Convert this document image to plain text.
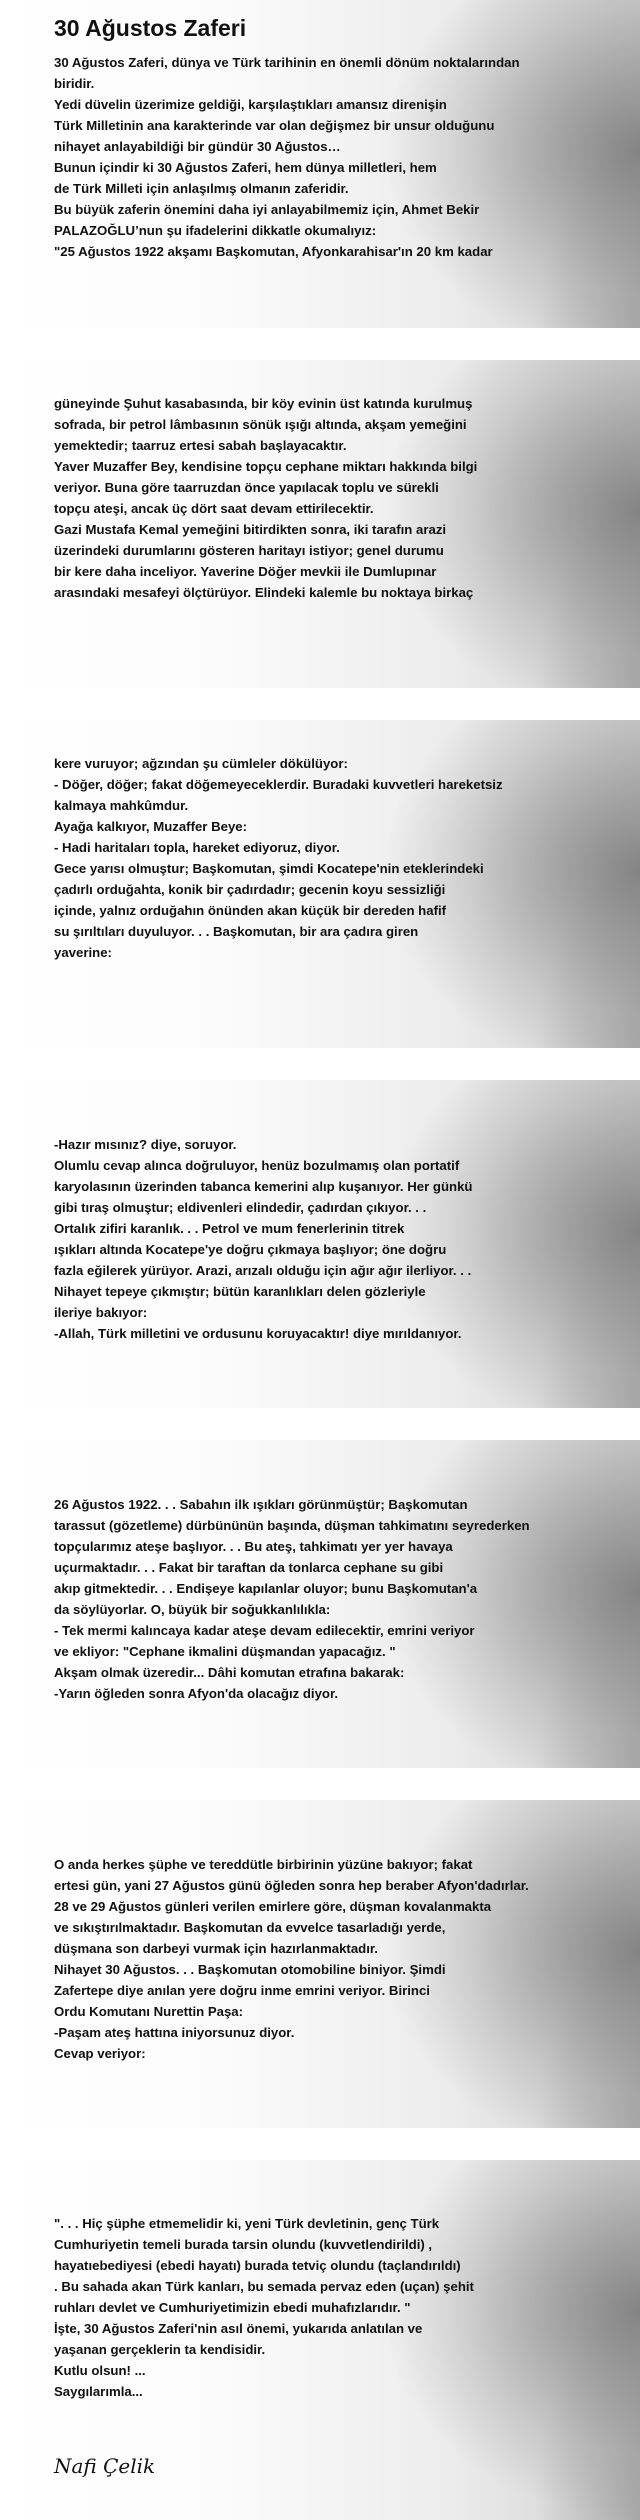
30 Ağustos Zaferi
30 Ağustos Zaferi, dünya ve Türk tarihinin en önemli dönüm noktalarından
biridir.
Yedi düvelin üzerimize geldiği, karşılaştıkları amansız direnişin
Türk Milletinin ana karakterinde var olan değişmez bir unsur olduğunu
nihayet anlayabildiği bir gündür 30 Ağustos…
Bunun içindir ki 30 Ağustos Zaferi, hem dünya milletleri, hem
de Türk Milleti için anlaşılmış olmanın zaferidir.
Bu büyük zaferin önemini daha iyi anlayabilmemiz için, Ahmet Bekir
PALAZOĞLU’nun şu ifadelerini dikkatle okumalıyız:
"25 Ağustos 1922 akşamı Başkomutan, Afyonkarahisar'ın 20 km kadar
güneyinde Şuhut kasabasında, bir köy evinin üst katında kurulmuş
sofrada, bir petrol lâmbasının sönük ışığı altında, akşam yemeğini
yemektedir; taarruz ertesi sabah başlayacaktır.
Yaver Muzaffer Bey, kendisine topçu cephane miktarı hakkında bilgi
veriyor. Buna göre taarruzdan önce yapılacak toplu ve sürekli
topçu ateşi, ancak üç dört saat devam ettirilecektir.
Gazi Mustafa Kemal yemeğini bitirdikten sonra, iki tarafın arazi
üzerindeki durumlarını gösteren haritayı istiyor; genel durumu
bir kere daha inceliyor. Yaverine Döğer mevkii ile Dumlupınar
arasındaki mesafeyi ölçtürüyor. Elindeki kalemle bu noktaya birkaç
kere vuruyor; ağzından şu cümleler dökülüyor:
- Döğer, döğer; fakat döğemeyeceklerdir. Buradaki kuvvetleri hareketsiz
kalmaya mahkûmdur.
Ayağa kalkıyor, Muzaffer Beye:
- Hadi haritaları topla, hareket ediyoruz, diyor.
Gece yarısı olmuştur; Başkomutan, şimdi Kocatepe'nin eteklerindeki
çadırlı orduğahta, konik bir çadırdadır; gecenin koyu sessizliği
içinde, yalnız orduğahın önünden akan küçük bir dereden hafif
su şırıltıları duyuluyor. . . Başkomutan, bir ara çadıra giren
yaverine:
-Hazır mısınız? diye, soruyor.
Olumlu cevap alınca doğruluyor, henüz bozulmamış olan portatif
karyolasının üzerinden tabanca kemerini alıp kuşanıyor. Her günkü
gibi tıraş olmuştur; eldivenleri elindedir, çadırdan çıkıyor. . .
Ortalık zifiri karanlık. . . Petrol ve mum fenerlerinin titrek
ışıkları altında Kocatepe'ye doğru çıkmaya başlıyor; öne doğru
fazla eğilerek yürüyor. Arazi, arızalı olduğu için ağır ağır ilerliyor. . .
Nihayet tepeye çıkmıştır; bütün karanlıkları delen gözleriyle
ileriye bakıyor:
-Allah, Türk milletini ve ordusunu koruyacaktır! diye mırıldanıyor.
26 Ağustos 1922. . . Sabahın ilk ışıkları görünmüştür; Başkomutan
tarassut (gözetleme) dürbününün başında, düşman tahkimatını seyrederken
topçularımız ateşe başlıyor. . . Bu ateş, tahkimatı yer yer havaya
uçurmaktadır. . . Fakat bir taraftan da tonlarca cephane su gibi
akıp gitmektedir. . . Endişeye kapılanlar oluyor; bunu Başkomutan'a
da söylüyorlar. O, büyük bir soğukkanlılıkla:
- Tek mermi kalıncaya kadar ateşe devam edilecektir, emrini veriyor
ve ekliyor: "Cephane ikmalini düşmandan yapacağız. "
Akşam olmak üzeredir... Dâhi komutan etrafına bakarak:
-Yarın öğleden sonra Afyon'da olacağız diyor.
O anda herkes şüphe ve tereddütle birbirinin yüzüne bakıyor; fakat
ertesi gün, yani 27 Ağustos günü öğleden sonra hep beraber Afyon'dadırlar.
28 ve 29 Ağustos günleri verilen emirlere göre, düşman kovalanmakta
ve sıkıştırılmaktadır. Başkomutan da evvelce tasarladığı yerde,
düşmana son darbeyi vurmak için hazırlanmaktadır.
Nihayet 30 Ağustos. . . Başkomutan otomobiline biniyor. Şimdi
Zafertepe diye anılan yere doğru inme emrini veriyor. Birinci
Ordu Komutanı Nurettin Paşa:
-Paşam ateş hattına iniyorsunuz diyor.
Cevap veriyor:
". . . Hiç şüphe etmemelidir ki, yeni Türk devletinin, genç Türk
Cumhuriyetin temeli burada tarsin olundu (kuvvetlendirildi) ,
hayatıebediyesi (ebedi hayatı) burada tetviç olundu (taçlandırıldı)
. Bu sahada akan Türk kanları, bu semada pervaz eden (uçan) şehit
ruhları devlet ve Cumhuriyetimizin ebedi muhafızlarıdır. "
İşte, 30 Ağustos Zaferi'nin asıl önemi, yukarıda anlatılan ve
yaşanan gerçeklerin ta kendisidir.
Kutlu olsun! ...
Saygılarımla...
Nafi Çelik
